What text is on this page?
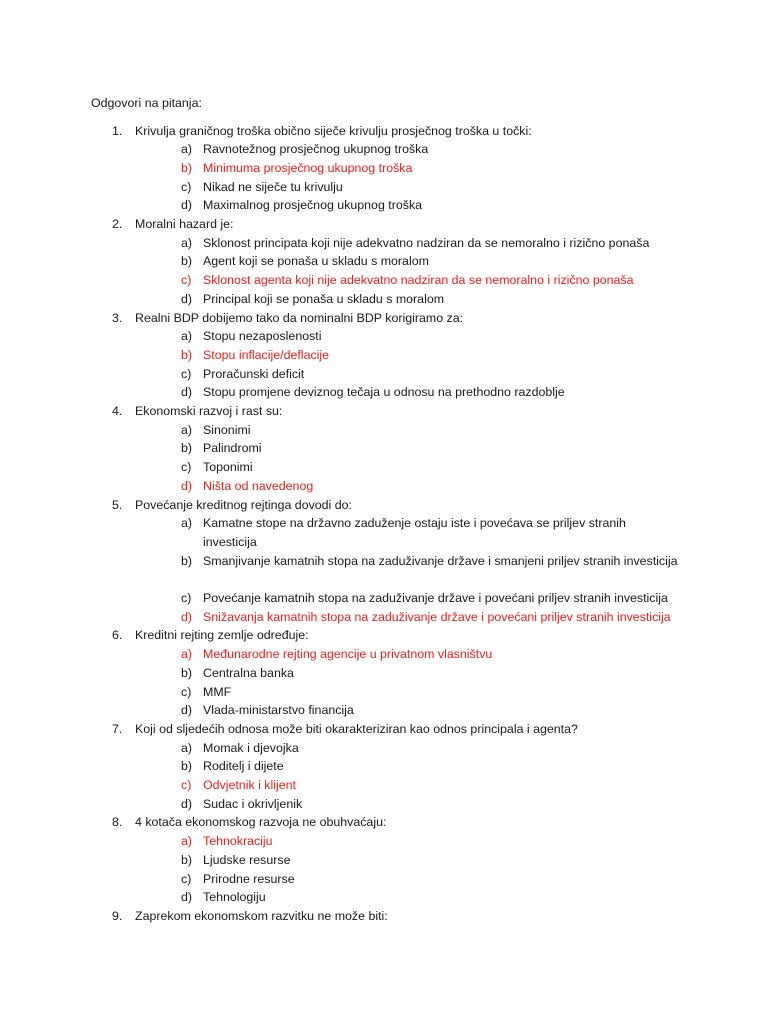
Odgovori na pitanja:
1.	Krivulja graničnog troška obično siječe krivulju prosječnog troška u točki:
a) Ravnotežnog prosječnog ukupnog troška
b) Minimuma prosječnog ukupnog troška
c) Nikad ne siječe tu krivulju
d) Maximalnog prosječnog ukupnog troška
2.	Moralni hazard je:
a) Sklonost principata koji nije adekvatno nadziran da se nemoralno i rizično ponaša
b) Agent koji se ponaša u skladu s moralom
c) Sklonost agenta koji nije adekvatno nadziran da se nemoralno i rizično ponaša
d) Principal koji se ponaša u skladu s moralom
3.	Realni BDP dobijemo tako da nominalni BDP korigiramo za:
a) Stopu nezaposlenosti
b) Stopu inflacije/deflacije
c) Proračunski deficit
d) Stopu promjene deviznog tečaja u odnosu na prethodno razdoblje
4.	Ekonomski razvoj i rast su:
a) Sinonimi
b) Palindromi
c) Toponimi
d) Ništa od navedenog
5.	Povećanje kreditnog rejtinga dovodi do:
a) Kamatne stope na državno zaduženje ostaju iste i povećava se priljev stranih investicija
b) Smanjivanje kamatnih stopa na zaduživanje države i smanjeni priljev stranih investicija
c) Povećanje kamatnih stopa na zaduživanje države i povećani priljev stranih investicija
d) Snižavanja kamatnih stopa na zaduživanje države i povećani priljev stranih investicija
6.	Kreditni rejting zemlje određuje:
a) Međunarodne rejting agencije u privatnom vlasništvu
b) Centralna banka
c) MMF
d) Vlada-ministarstvo financija
7.	Koji od sljedećih odnosa može biti okarakteriziran kao odnos principala i agenta?
a) Momak i djevojka
b) Roditelj i dijete
c) Odvjetnik i klijent
d) Sudac i okrivljenik
8.	4 kotača ekonomskog razvoja ne obuhvaćaju:
a) Tehnokraciju
b) Ljudske resurse
c) Prirodne resurse
d) Tehnologiju
9.	Zaprekom ekonomskom razvitku ne može biti:
